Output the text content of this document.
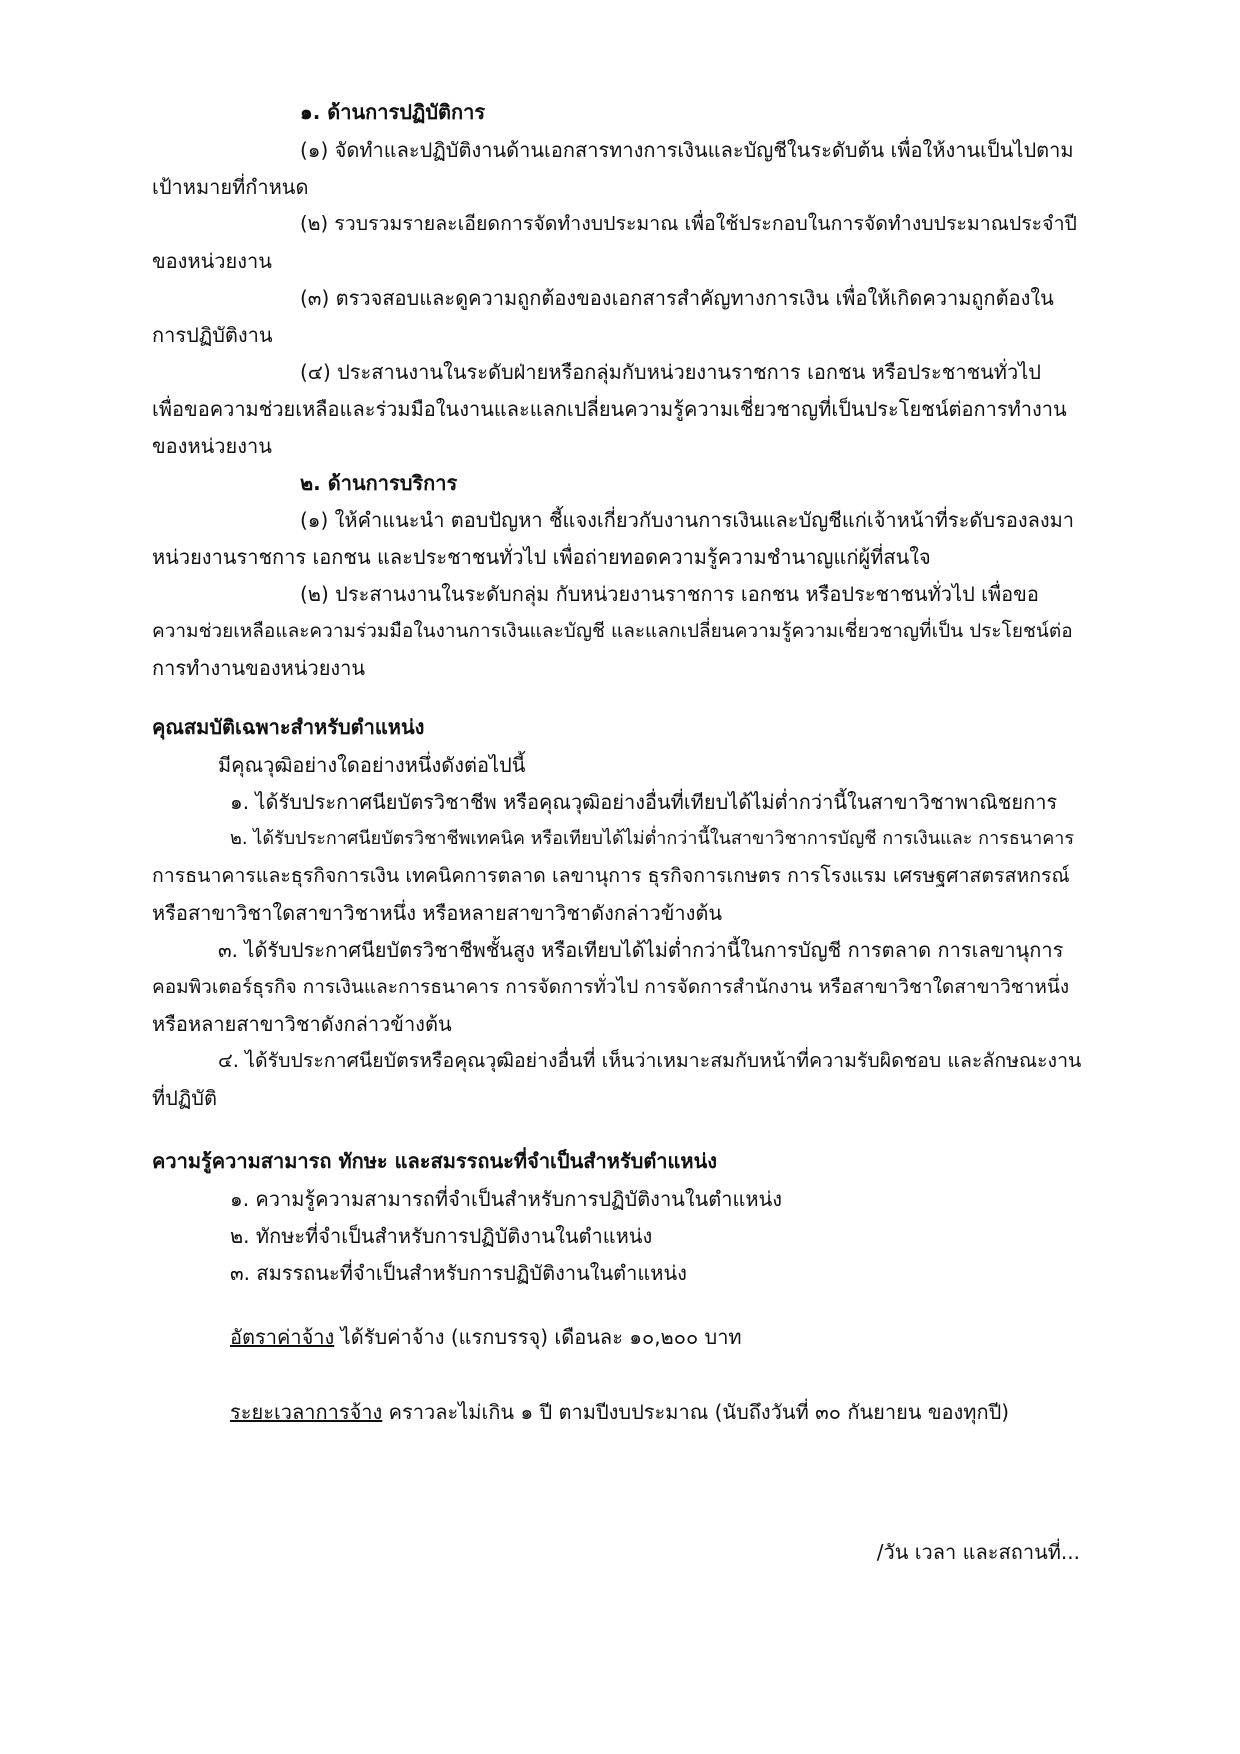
๑. ด้านการปฏิบัติการ
(๑) จัดทำและปฏิบัติงานด้านเอกสารทางการเงินและบัญชีในระดับต้น เพื่อให้งานเป็นไปตาม
เป้าหมายที่กำหนด
(๒) รวบรวมรายละเอียดการจัดทำงบประมาณ เพื่อใช้ประกอบในการจัดทำงบประมาณประจำปี
ของหน่วยงาน
(๓) ตรวจสอบและดูความถูกต้องของเอกสารสำคัญทางการเงิน เพื่อให้เกิดความถูกต้องใน
การปฏิบัติงาน
(๔) ประสานงานในระดับฝ่ายหรือกลุ่มกับหน่วยงานราชการ เอกชน หรือประชาชนทั่วไป
เพื่อขอความช่วยเหลือและร่วมมือในงานและแลกเปลี่ยนความรู้ความเชี่ยวชาญที่เป็นประโยชน์ต่อการทำงาน
ของหน่วยงาน
๒. ด้านการบริการ
(๑) ให้คำแนะนำ ตอบปัญหา ชี้แจงเกี่ยวกับงานการเงินและบัญชีแก่เจ้าหน้าที่ระดับรองลงมา
หน่วยงานราชการ เอกชน และประชาชนทั่วไป เพื่อถ่ายทอดความรู้ความชำนาญแก่ผู้ที่สนใจ
(๒) ประสานงานในระดับกลุ่ม กับหน่วยงานราชการ เอกชน หรือประชาชนทั่วไป เพื่อขอ
ความช่วยเหลือและความร่วมมือในงานการเงินและบัญชี และแลกเปลี่ยนความรู้ความเชี่ยวชาญที่เป็น ประโยชน์ต่อ
การทำงานของหน่วยงาน
คุณสมบัติเฉพาะสำหรับตำแหน่ง
มีคุณวุฒิอย่างใดอย่างหนึ่งดังต่อไปนี้
๑. ได้รับประกาศนียบัตรวิชาชีพ หรือคุณวุฒิอย่างอื่นที่เทียบได้ไม่ต่ำกว่านี้ในสาขาวิชาพาณิชยการ
๒. ได้รับประกาศนียบัตรวิชาชีพเทคนิค หรือเทียบได้ไม่ต่ำกว่านี้ในสาขาวิชาการบัญชี การเงินและ การธนาคาร
การธนาคารและธุรกิจการเงิน เทคนิคการตลาด เลขานุการ ธุรกิจการเกษตร การโรงแรม เศรษฐศาสตรสหกรณ์
หรือสาขาวิชาใดสาขาวิชาหนึ่ง หรือหลายสาขาวิชาดังกล่าวข้างต้น
๓. ได้รับประกาศนียบัตรวิชาชีพชั้นสูง หรือเทียบได้ไม่ต่ำกว่านี้ในการบัญชี การตลาด การเลขานุการ
คอมพิวเตอร์ธุรกิจ การเงินและการธนาคาร การจัดการทั่วไป การจัดการสำนักงาน หรือสาขาวิชาใดสาขาวิชาหนึ่ง
หรือหลายสาขาวิชาดังกล่าวข้างต้น
๔. ได้รับประกาศนียบัตรหรือคุณวุฒิอย่างอื่นที่ เห็นว่าเหมาะสมกับหน้าที่ความรับผิดชอบ และลักษณะงาน
ที่ปฏิบัติ
ความรู้ความสามารถ ทักษะ และสมรรถนะที่จำเป็นสำหรับตำแหน่ง
๑. ความรู้ความสามารถที่จำเป็นสำหรับการปฏิบัติงานในตำแหน่ง
๒. ทักษะที่จำเป็นสำหรับการปฏิบัติงานในตำแหน่ง
๓. สมรรถนะที่จำเป็นสำหรับการปฏิบัติงานในตำแหน่ง
อัตราค่าจ้าง ได้รับค่าจ้าง (แรกบรรจุ) เดือนละ ๑๐,๒๐๐ บาท
ระยะเวลาการจ้าง คราวละไม่เกิน ๑ ปี ตามปีงบประมาณ (นับถึงวันที่ ๓๐ กันยายน ของทุกปี)
/วัน เวลา และสถานที่...
